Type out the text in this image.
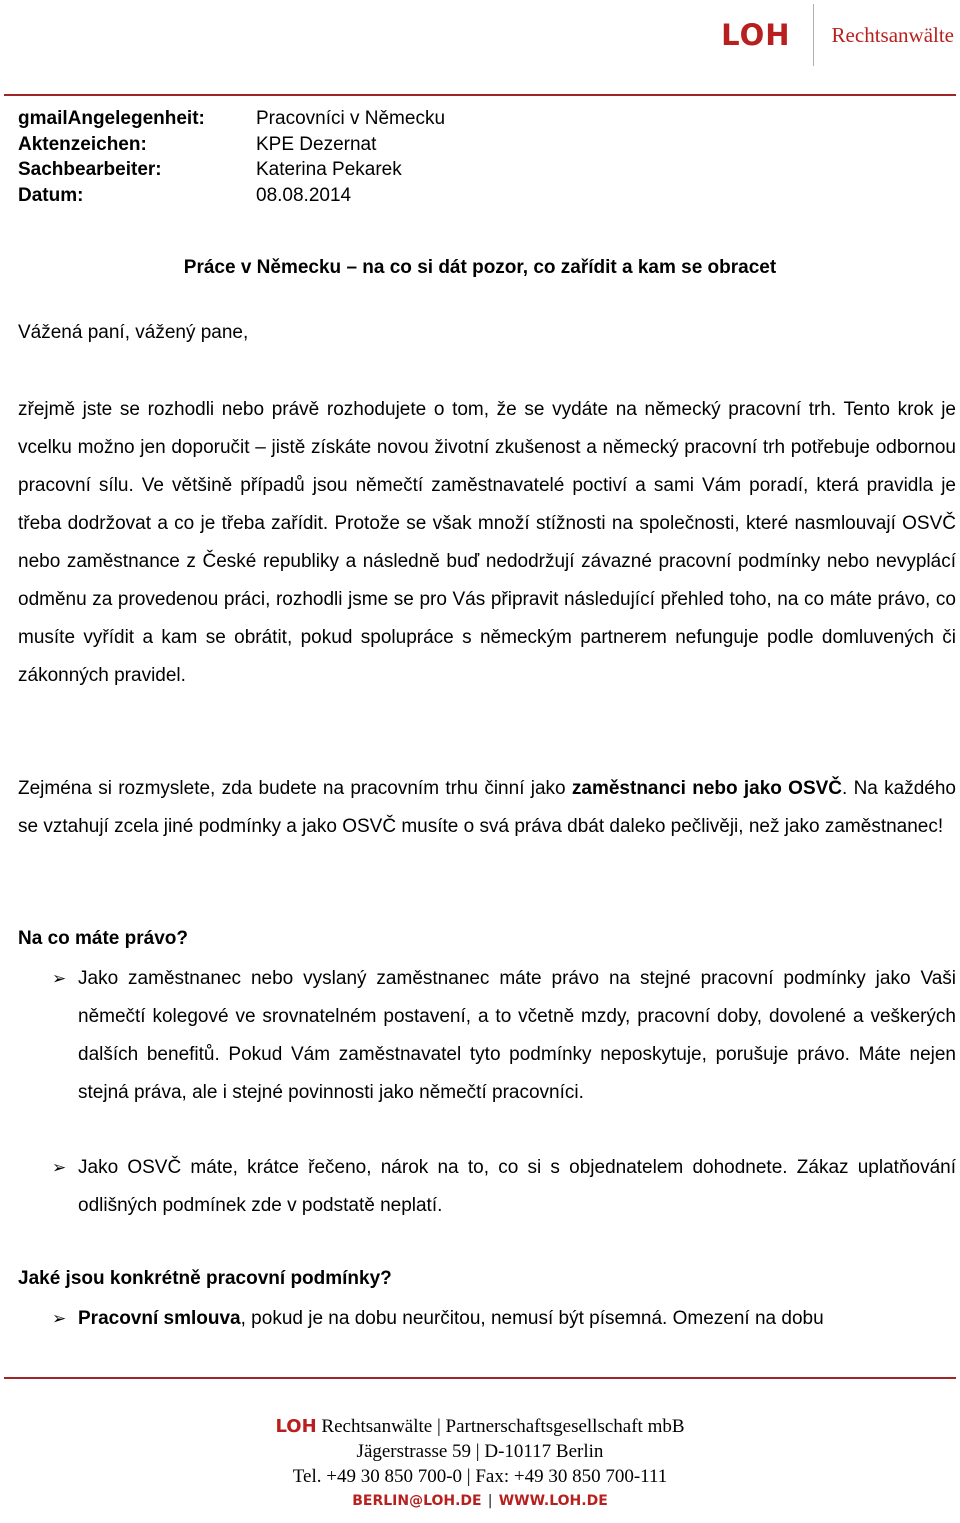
LOH	Rechtsanwälte
gmailAngelegenheit:	Pracovníci v Německu
Aktenzeichen:	KPE Dezernat
Sachbearbeiter:	Katerina Pekarek
Datum:	08.08.2014
Práce v Německu – na co si dát pozor, co zařídit a kam se obracet
Vážená paní, vážený pane,
zřejmě jste se rozhodli nebo právě rozhodujete o tom, že se vydáte na německý pracovní trh. Tento krok je vcelku možno jen doporučit – jistě získáte novou životní zkušenost a německý pracovní trh potřebuje odbornou pracovní sílu. Ve většině případů jsou němečtí zaměstnavatelé poctiví a sami Vám poradí, která pravidla je třeba dodržovat a co je třeba zařídit. Protože se však množí stížnosti na společnosti, které nasmlouvají OSVČ nebo zaměstnance z České republiky a následně buď nedodržují závazné pracovní podmínky nebo nevyplácí odměnu za provedenou práci, rozhodli jsme se pro Vás připravit následující přehled toho, na co máte právo, co musíte vyřídit a kam se obrátit, pokud spolupráce s německým partnerem nefunguje podle domluvených či zákonných pravidel.
Zejména si rozmyslete, zda budete na pracovním trhu činní jako zaměstnanci nebo jako OSVČ. Na každého se vztahují zcela jiné podmínky a jako OSVČ musíte o svá práva dbát daleko pečlivěji, než jako zaměstnanec!
Na co máte právo?
➢ Jako zaměstnanec nebo vyslaný zaměstnanec máte právo na stejné pracovní podmínky jako Vaši němečtí kolegové ve srovnatelném postavení, a to včetně mzdy, pracovní doby, dovolené a veškerých dalších benefitů. Pokud Vám zaměstnavatel tyto podmínky neposkytuje, porušuje právo. Máte nejen stejná práva, ale i stejné povinnosti jako němečtí pracovníci.
➢ Jako OSVČ máte, krátce řečeno, nárok na to, co si s objednatelem dohodnete. Zákaz uplatňování odlišných podmínek zde v podstatě neplatí.
Jaké jsou konkrétně pracovní podmínky?
➢ Pracovní smlouva, pokud je na dobu neurčitou, nemusí být písemná. Omezení na dobu
LOH Rechtsanwälte | Partnerschaftsgesellschaft mbB
Jägerstrasse 59 | D-10117 Berlin
Tel. +49 30 850 700-0 | Fax: +49 30 850 700-111
BERLIN@LOH.DE | WWW.LOH.DE
